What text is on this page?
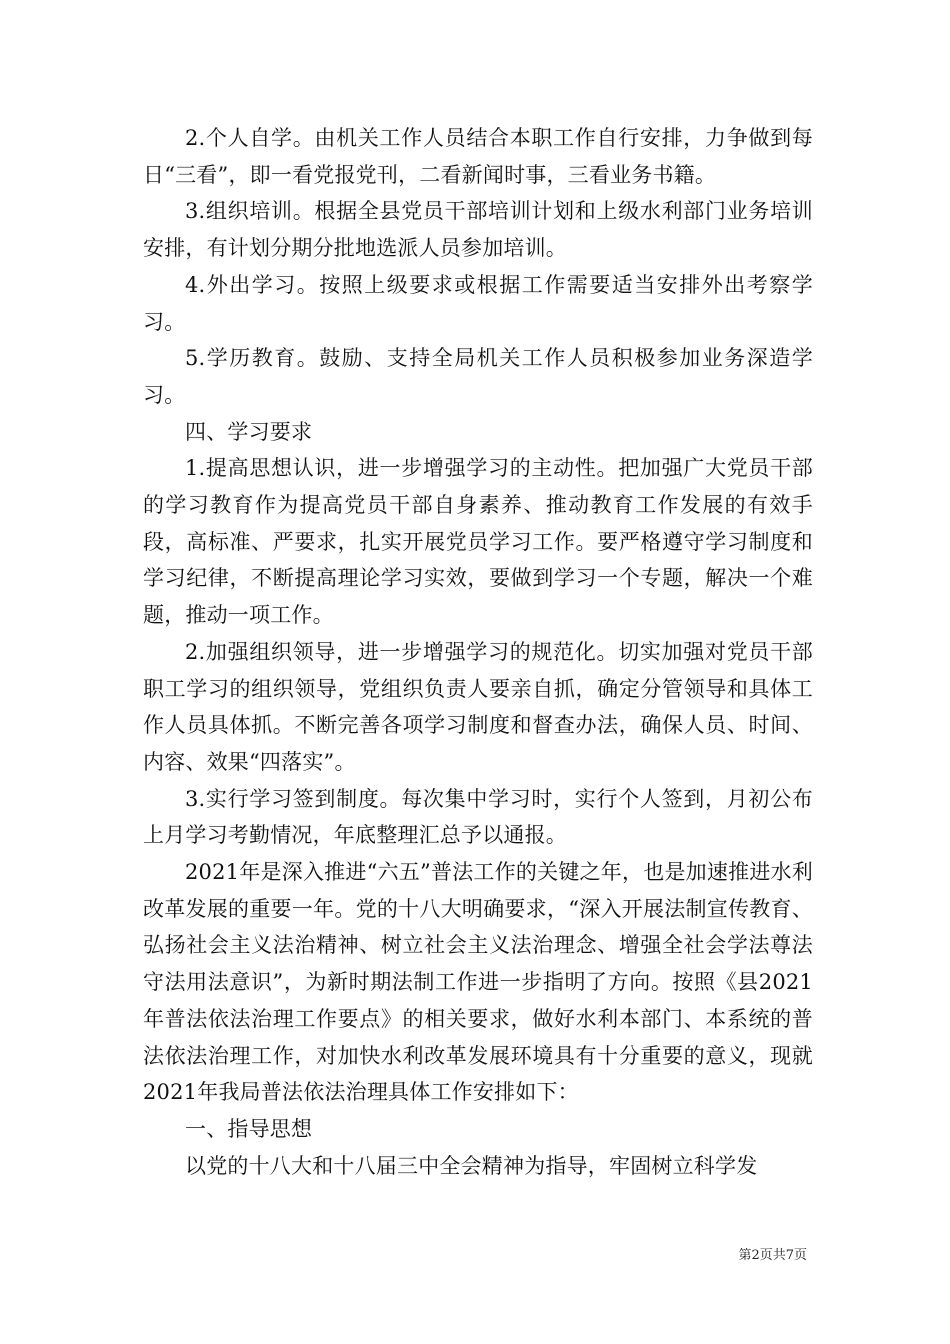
2.个人自学。由机关工作人员结合本职工作自行安排，力争做到每日“三看”，即一看党报党刊，二看新闻时事，三看业务书籍。

3.组织培训。根据全县党员干部培训计划和上级水利部门业务培训安排，有计划分期分批地选派人员参加培训。

4.外出学习。按照上级要求或根据工作需要适当安排外出考察学习。

5.学历教育。鼓励、支持全局机关工作人员积极参加业务深造学习。

四、学习要求

1.提高思想认识，进一步增强学习的主动性。把加强广大党员干部的学习教育作为提高党员干部自身素养、推动教育工作发展的有效手段，高标准、严要求，扎实开展党员学习工作。要严格遵守学习制度和学习纪律，不断提高理论学习实效，要做到学习一个专题，解决一个难题，推动一项工作。

2.加强组织领导，进一步增强学习的规范化。切实加强对党员干部职工学习的组织领导，党组织负责人要亲自抓，确定分管领导和具体工作人员具体抓。不断完善各项学习制度和督查办法，确保人员、时间、内容、效果“四落实”。

3.实行学习签到制度。每次集中学习时，实行个人签到，月初公布上月学习考勤情况，年底整理汇总予以通报。

2021年是深入推进“六五”普法工作的关键之年，也是加速推进水利改革发展的重要一年。党的十八大明确要求，“深入开展法制宣传教育、弘扬社会主义法治精神、树立社会主义法治理念、增强全社会学法尊法守法用法意识”，为新时期法制工作进一步指明了方向。按照《县2021年普法依法治理工作要点》的相关要求，做好水利本部门、本系统的普法依法治理工作，对加快水利改革发展环境具有十分重要的意义，现就2021年我局普法依法治理具体工作安排如下：

一、指导思想

以党的十八大和十八届三中全会精神为指导，牢固树立科学发

第2页共7页
